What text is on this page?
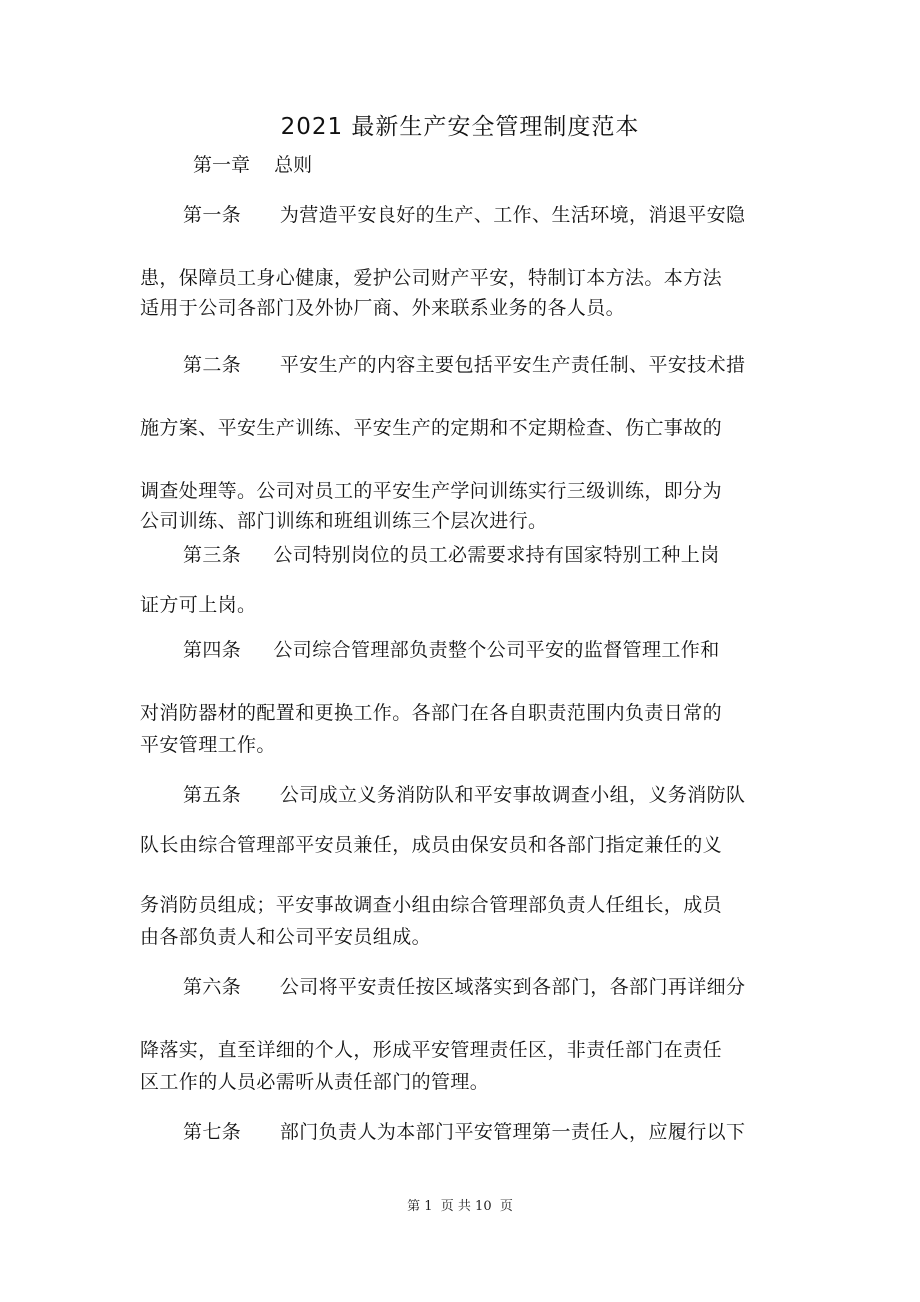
2021 最新生产安全管理制度范本
第一章    总则
第一条      为营造平安良好的生产、工作、生活环境，消退平安隐
患，保障员工身心健康，爱护公司财产平安，特制订本方法。本方法
适用于公司各部门及外协厂商、外来联系业务的各人员。
第二条      平安生产的内容主要包括平安生产责任制、平安技术措
施方案、平安生产训练、平安生产的定期和不定期检查、伤亡事故的
调查处理等。公司对员工的平安生产学问训练实行三级训练，即分为
公司训练、部门训练和班组训练三个层次进行。
第三条     公司特别岗位的员工必需要求持有国家特别工种上岗
证方可上岗。
第四条     公司综合管理部负责整个公司平安的监督管理工作和
对消防器材的配置和更换工作。各部门在各自职责范围内负责日常的
平安管理工作。
第五条      公司成立义务消防队和平安事故调查小组，义务消防队
队长由综合管理部平安员兼任，成员由保安员和各部门指定兼任的义
务消防员组成；平安事故调查小组由综合管理部负责人任组长，成员
由各部负责人和公司平安员组成。
第六条      公司将平安责任按区域落实到各部门，各部门再详细分
降落实，直至详细的个人，形成平安管理责任区，非责任部门在责任
区工作的人员必需听从责任部门的管理。
第七条      部门负责人为本部门平安管理第一责任人，应履行以下
第 1  页 共 10  页
